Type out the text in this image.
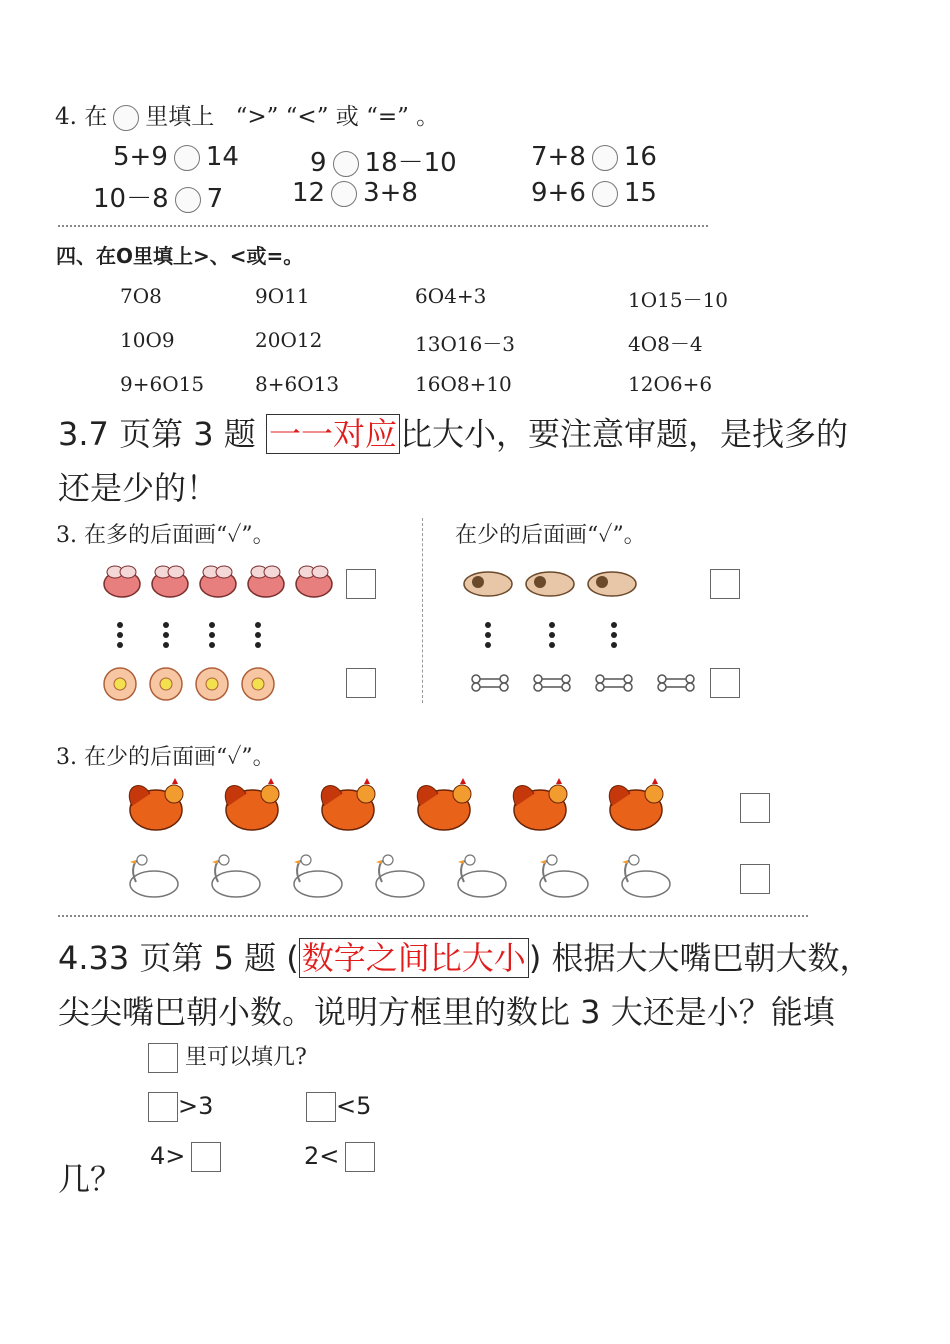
4. 在 里填上 “>” “<” 或 “=” 。
5+9 14	9 18－10	7+8 16
10－8 7	12 3+8	9+6 15
四、在O里填上>、<或=。
7O8	9O11	6O4+3	1O15－10
10O9	20O12	13O16－3	4O8－4
9+6O15	8+6O13	16O8+10	12O6+6
3.7 页第 3 题 一一对应比大小，要注意审题，是找多的
还是少的！
3. 在多的后面画“✓”。	在少的后面画“✓”。
3. 在少的后面画“✓”。
4.33 页第 5 题 (数字之间比大小) 根据大大嘴巴朝大数，
尖尖嘴巴朝小数。说明方框里的数比 3 大还是小？能填
里可以填几?
>3	<5
4>	2<
几？
